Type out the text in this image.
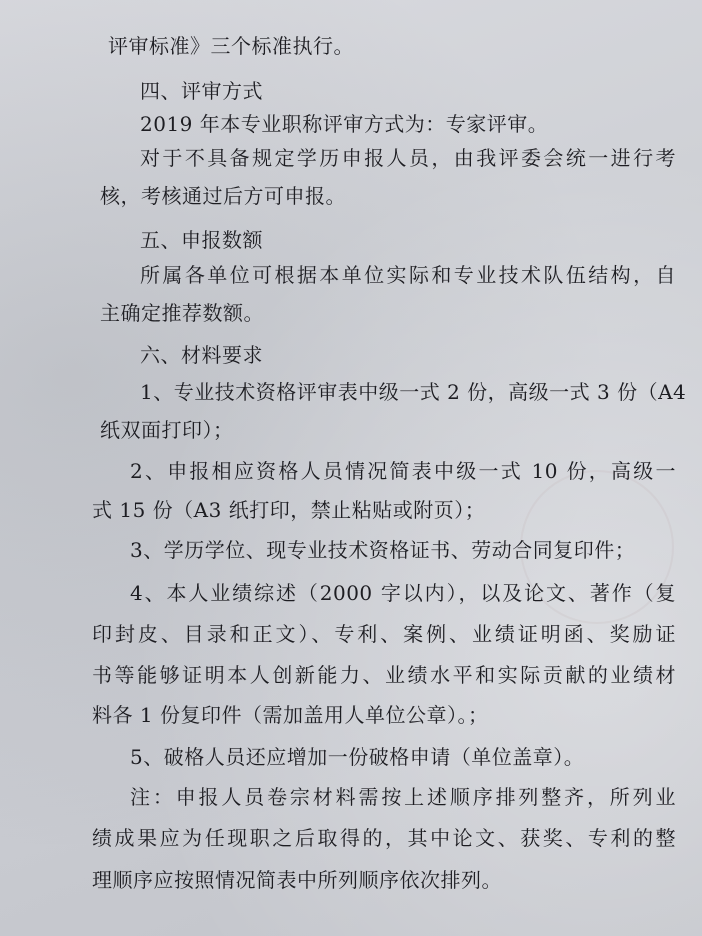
评审标准》三个标准执行。
四、评审方式
2019 年本专业职称评审方式为：专家评审。
对于不具备规定学历申报人员，由我评委会统一进行考
核，考核通过后方可申报。
五、申报数额
所属各单位可根据本单位实际和专业技术队伍结构，自
主确定推荐数额。
六、材料要求
1、专业技术资格评审表中级一式 2 份，高级一式 3 份（A4
纸双面打印）；
2、申报相应资格人员情况简表中级一式 10 份，高级一
式 15 份（A3 纸打印，禁止粘贴或附页）；
3、学历学位、现专业技术资格证书、劳动合同复印件；
4、本人业绩综述（2000 字以内），以及论文、著作（复
印封皮、目录和正文）、专利、案例、业绩证明函、奖励证
书等能够证明本人创新能力、业绩水平和实际贡献的业绩材
料各 1 份复印件（需加盖用人单位公章）。；
5、破格人员还应增加一份破格申请（单位盖章）。
注：申报人员卷宗材料需按上述顺序排列整齐，所列业
绩成果应为任现职之后取得的，其中论文、获奖、专利的整
理顺序应按照情况简表中所列顺序依次排列。
